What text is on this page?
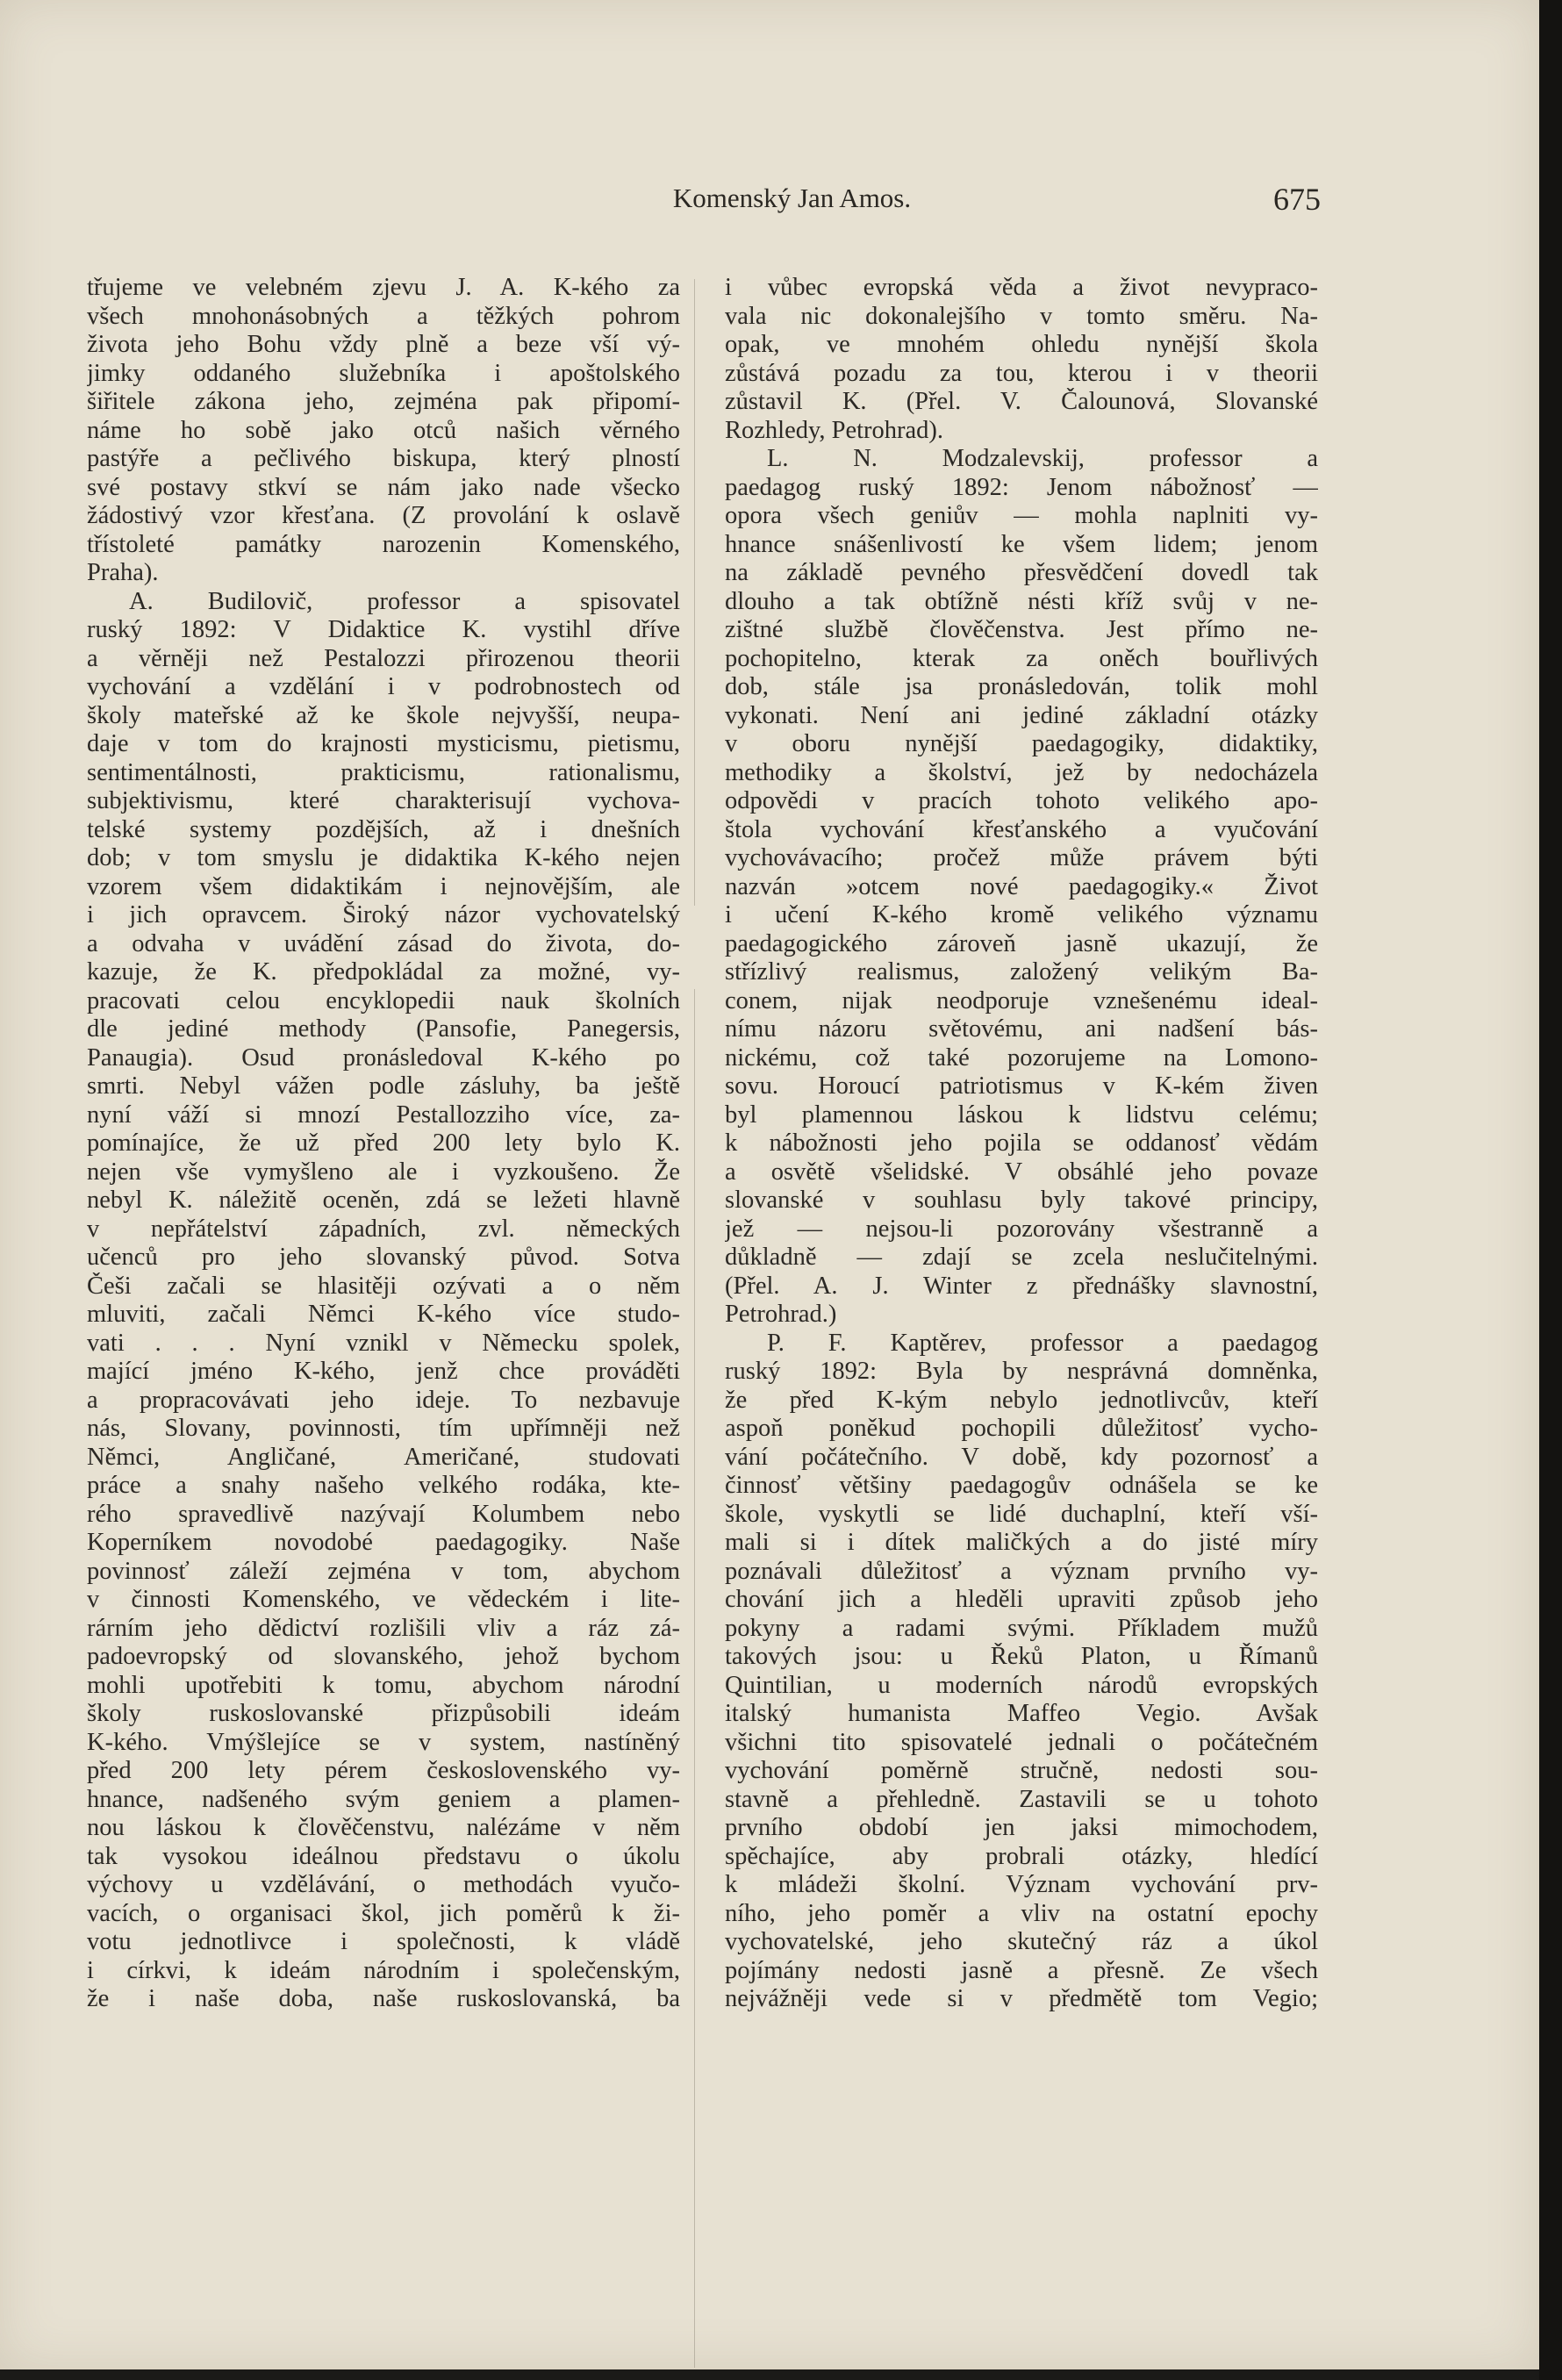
Komenský Jan Amos.	675
třujeme ve velebném zjevu J. A. K-kého za
všech mnohonásobných a těžkých pohrom
života jeho Bohu vždy plně a beze vší vý-
jimky oddaného služebníka i apoštolského
šiřitele zákona jeho, zejména pak připomí-
náme ho sobě jako otců našich věrného
pastýře a pečlivého biskupa, který plností
své postavy stkví se nám jako nade všecko
žádostivý vzor křesťana. (Z provolání k oslavě
třístoleté památky narozenin Komenského,
Praha).
A. Budilovič, professor a spisovatel
ruský 1892: V Didaktice K. vystihl dříve
a věrněji než Pestalozzi přirozenou theorii
vychování a vzdělání i v podrobnostech od
školy mateřské až ke škole nejvyšší, neupa-
daje v tom do krajnosti mysticismu, pietismu,
sentimentálnosti, prakticismu, rationalismu,
subjektivismu, které charakterisují vychova-
telské systemy pozdějších, až i dnešních
dob; v tom smyslu je didaktika K-kého nejen
vzorem všem didaktikám i nejnovějším, ale
i jich opravcem. Široký názor vychovatelský
a odvaha v uvádění zásad do života, do-
kazuje, že K. předpokládal za možné, vy-
pracovati celou encyklopedii nauk školních
dle jediné methody (Pansofie, Panegersis,
Panaugia). Osud pronásledoval K-kého po
smrti. Nebyl vážen podle zásluhy, ba ještě
nyní váží si mnozí Pestallozziho více, za-
pomínajíce, že už před 200 lety bylo K.
nejen vše vymyšleno ale i vyzkoušeno. Že
nebyl K. náležitě oceněn, zdá se ležeti hlavně
v nepřátelství západních, zvl. německých
učenců pro jeho slovanský původ. Sotva
Češi začali se hlasitěji ozývati a o něm
mluviti, začali Němci K-kého více studo-
vati . . . Nyní vznikl v Německu spolek,
mající jméno K-kého, jenž chce prováděti
a propracovávati jeho ideje. To nezbavuje
nás, Slovany, povinnosti, tím upřímněji než
Němci, Angličané, Američané, studovati
práce a snahy našeho velkého rodáka, kte-
rého spravedlivě nazývají Kolumbem nebo
Koperníkem novodobé paedagogiky. Naše
povinnosť záleží zejména v tom, abychom
v činnosti Komenského, ve vědeckém i lite-
rárním jeho dědictví rozlišili vliv a ráz zá-
padoevropský od slovanského, jehož bychom
mohli upotřebiti k tomu, abychom národní
školy ruskoslovanské přizpůsobili ideám
K-kého. Vmýšlejíce se v system, nastíněný
před 200 lety pérem československého vy-
hnance, nadšeného svým geniem a plamen-
nou láskou k člověčenstvu, nalézáme v něm
tak vysokou ideálnou představu o úkolu
výchovy u vzdělávání, o methodách vyučo-
vacích, o organisaci škol, jich poměrů k ži-
votu jednotlivce i společnosti, k vládě
i církvi, k ideám národním i společenským,
že i naše doba, naše ruskoslovanská, ba
i vůbec evropská věda a život nevypraco-
vala nic dokonalejšího v tomto směru. Na-
opak, ve mnohém ohledu nynější škola
zůstává pozadu za tou, kterou i v theorii
zůstavil K. (Přel. V. Čalounová, Slovanské
Rozhledy, Petrohrad).
L. N. Modzalevskij, professor a
paedagog ruský 1892: Jenom nábožnosť —
opora všech geniův — mohla naplniti vy-
hnance snášenlivostí ke všem lidem; jenom
na základě pevného přesvědčení dovedl tak
dlouho a tak obtížně nésti kříž svůj v ne-
zištné službě člověčenstva. Jest přímo ne-
pochopitelno, kterak za oněch bouřlivých
dob, stále jsa pronásledován, tolik mohl
vykonati. Není ani jediné základní otázky
v oboru nynější paedagogiky, didaktiky,
methodiky a školství, jež by nedocházela
odpovědi v pracích tohoto velikého apo-
štola vychování křesťanského a vyučování
vychovávacího; pročež může právem býti
nazván »otcem nové paedagogiky.« Život
i učení K-kého kromě velikého významu
paedagogického zároveň jasně ukazují, že
střízlivý realismus, založený velikým Ba-
conem, nijak neodporuje vznešenému ideal-
nímu názoru světovému, ani nadšení bás-
nickému, což také pozorujeme na Lomono-
sovu. Horoucí patriotismus v K-kém živen
byl plamennou láskou k lidstvu celému;
k nábožnosti jeho pojila se oddanosť vědám
a osvětě všelidské. V obsáhlé jeho povaze
slovanské v souhlasu byly takové principy,
jež — nejsou-li pozorovány všestranně a
důkladně — zdají se zcela neslučitelnými.
(Přel. A. J. Winter z přednášky slavnostní,
Petrohrad.)
P. F. Kaptěrev, professor a paedagog
ruský 1892: Byla by nesprávná domněnka,
že před K-kým nebylo jednotlivcův, kteří
aspoň poněkud pochopili důležitosť vycho-
vání počátečního. V době, kdy pozornosť a
činnosť většiny paedagogův odnášela se ke
škole, vyskytli se lidé duchaplní, kteří vší-
mali si i dítek maličkých a do jisté míry
poznávali důležitosť a význam prvního vy-
chování jich a hleděli upraviti způsob jeho
pokyny a radami svými. Příkladem mužů
takových jsou: u Řeků Platon, u Římanů
Quintilian, u moderních národů evropských
italský humanista Maffeo Vegio. Avšak
všichni tito spisovatelé jednali o počátečném
vychování poměrně stručně, nedosti sou-
stavně a přehledně. Zastavili se u tohoto
prvního období jen jaksi mimochodem,
spěchajíce, aby probrali otázky, hledící
k mládeži školní. Význam vychování prv-
ního, jeho poměr a vliv na ostatní epochy
vychovatelské, jeho skutečný ráz a úkol
pojímány nedosti jasně a přesně. Ze všech
nejvážněji vede si v předmětě tom Vegio;
